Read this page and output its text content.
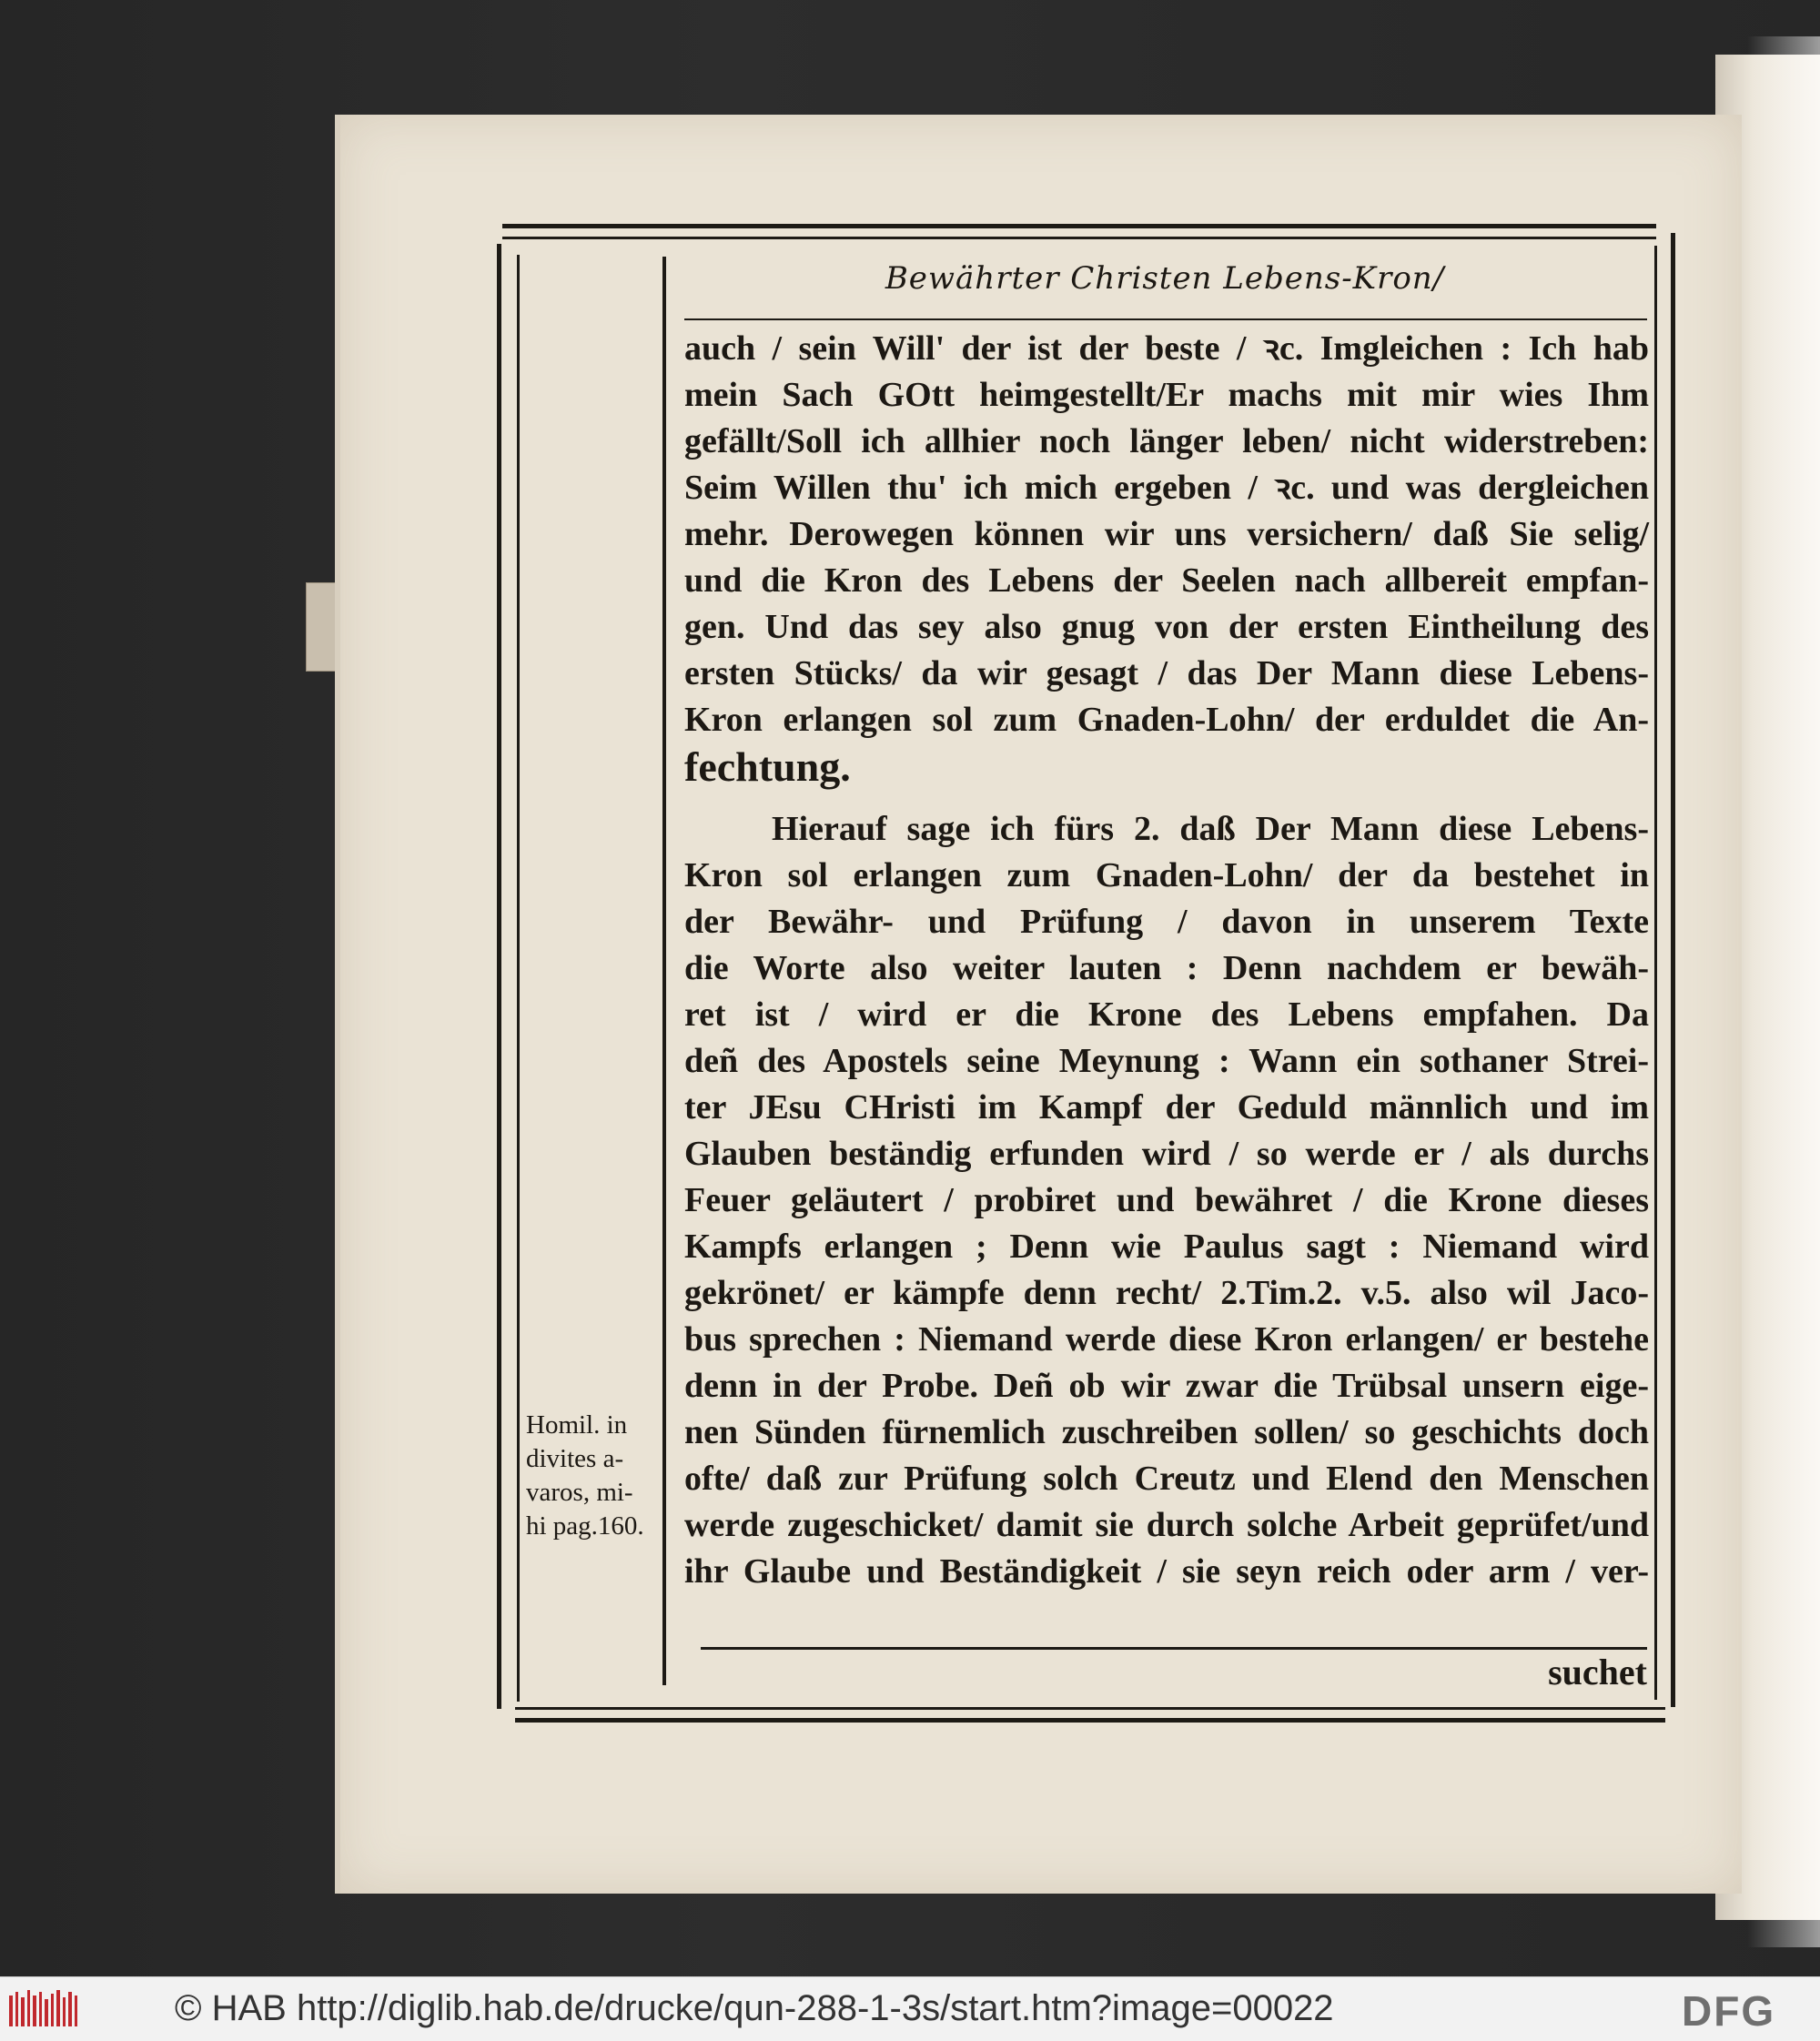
Bewährter Christen Lebens-Kron/
auch / sein Will' der ist der beste / ꝛc. Imgleichen : Ich hab
mein Sach GOtt heimgestellt/Er machs mit mir wies Ihm
gefällt/Soll ich allhier noch länger leben/ nicht widerstreben:
Seim Willen thu' ich mich ergeben / ꝛc. und was dergleichen
mehr. Derowegen können wir uns versichern/ daß Sie selig/
und die Kron des Lebens der Seelen nach allbereit empfan-
gen. Und das sey also gnug von der ersten Eintheilung des
ersten Stücks/ da wir gesagt / das Der Mann diese Lebens-
Kron erlangen sol zum Gnaden-Lohn/ der erduldet die An-
fechtung.
Hierauf sage ich fürs 2. daß Der Mann diese Lebens-
Kron sol erlangen zum Gnaden-Lohn/ der da bestehet in
der Bewähr- und Prüfung / davon in unserem Texte
die Worte also weiter lauten : Denn nachdem er bewäh-
ret ist / wird er die Krone des Lebens empfahen. Da
deñ des Apostels seine Meynung : Wann ein sothaner Strei-
ter JEsu CHristi im Kampf der Geduld männlich und im
Glauben beständig erfunden wird / so werde er / als durchs
Feuer geläutert / probiret und bewähret / die Krone dieses
Kampfs erlangen ; Denn wie Paulus sagt : Niemand wird
gekrönet/ er kämpfe denn recht/ 2.Tim.2. v.5. also wil Jaco-
bus sprechen : Niemand werde diese Kron erlangen/ er bestehe
denn in der Probe. Deñ ob wir zwar die Trübsal unsern eige-
nen Sünden fürnemlich zuschreiben sollen/ so geschichts doch
ofte/ daß zur Prüfung solch Creutz und Elend den Menschen
werde zugeschicket/ damit sie durch solche Arbeit geprüfet/und
ihr Glaube und Beständigkeit / sie seyn reich oder arm / ver-
Homil. in
divites a-
varos, mi-
hi pag.160.
suchet
© HAB http://diglib.hab.de/drucke/qun-288-1-3s/start.htm?image=00022	DFG
